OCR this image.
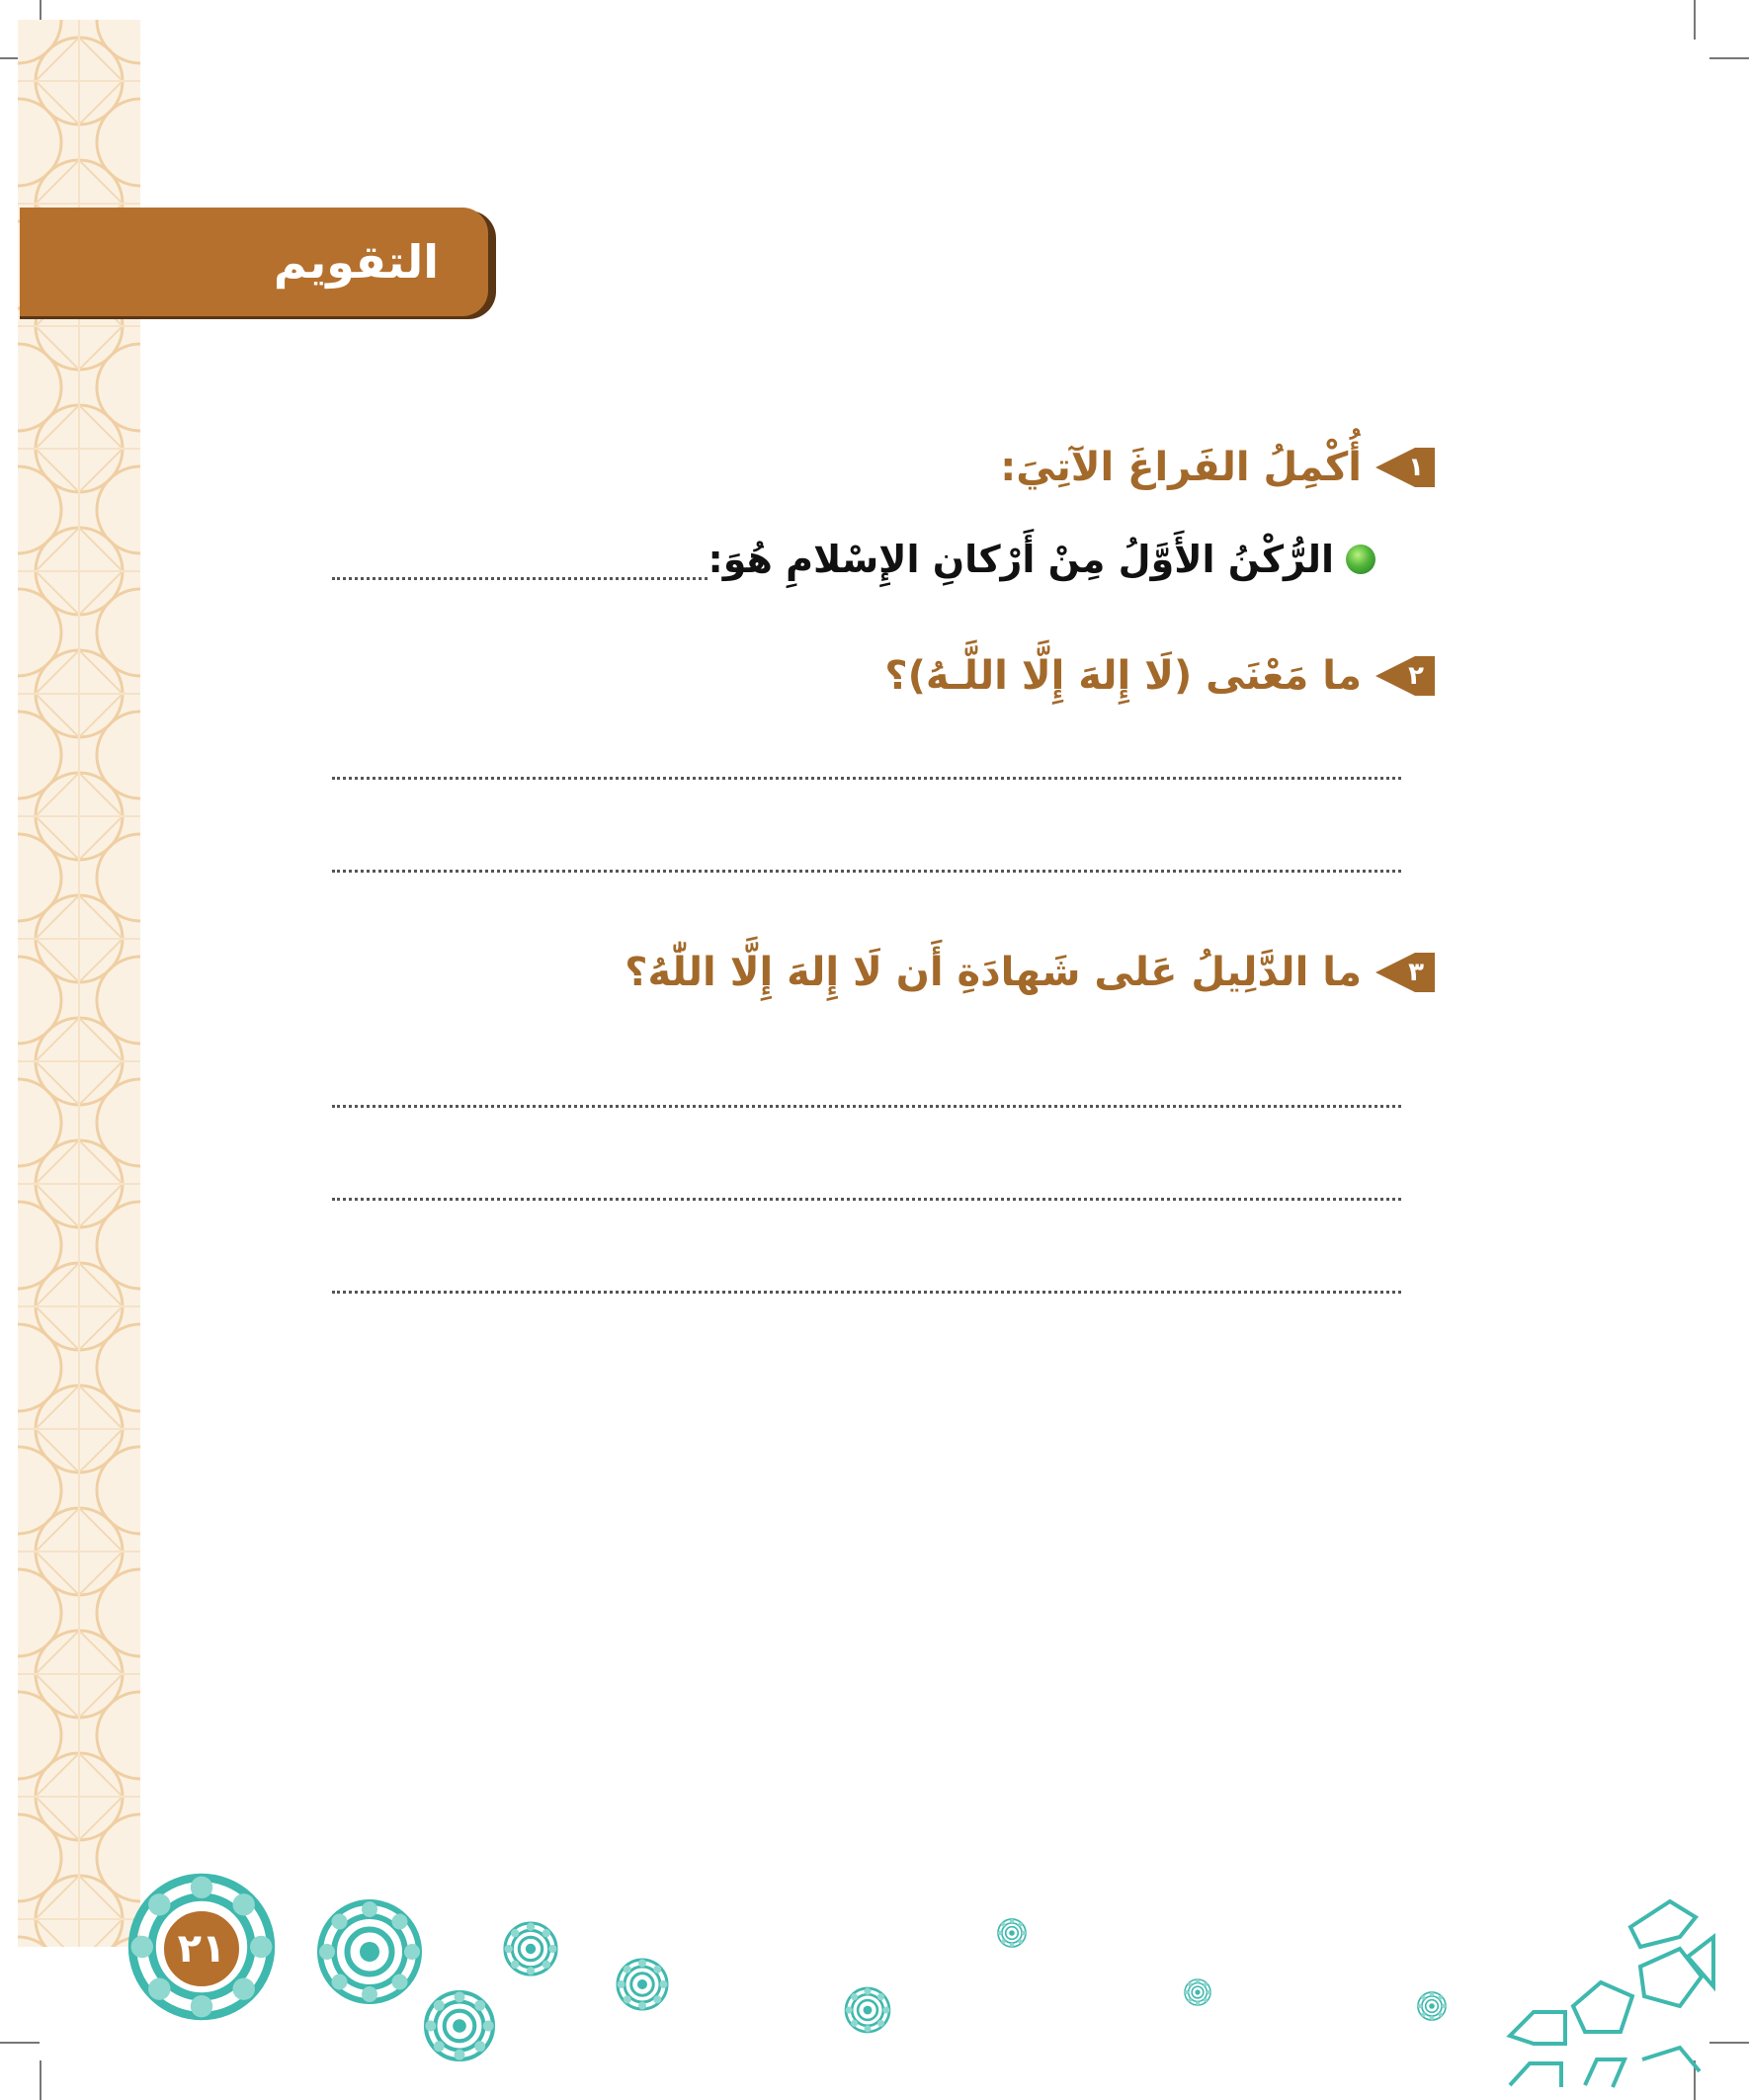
التقويم
١
أُكْمِلُ الفَراغَ الآتِيَ:
الرُّكْنُ الأَوَّلُ مِنْ أَرْكانِ الإِسْلامِ هُوَ:
٢
ما مَعْنَى (لَا إِلهَ إِلَّا اللَّـهُ)؟
٣
ما الدَّلِيلُ عَلى شَهادَةِ أَن لَا إِلهَ إِلَّا اللّٰهُ؟
٢١
